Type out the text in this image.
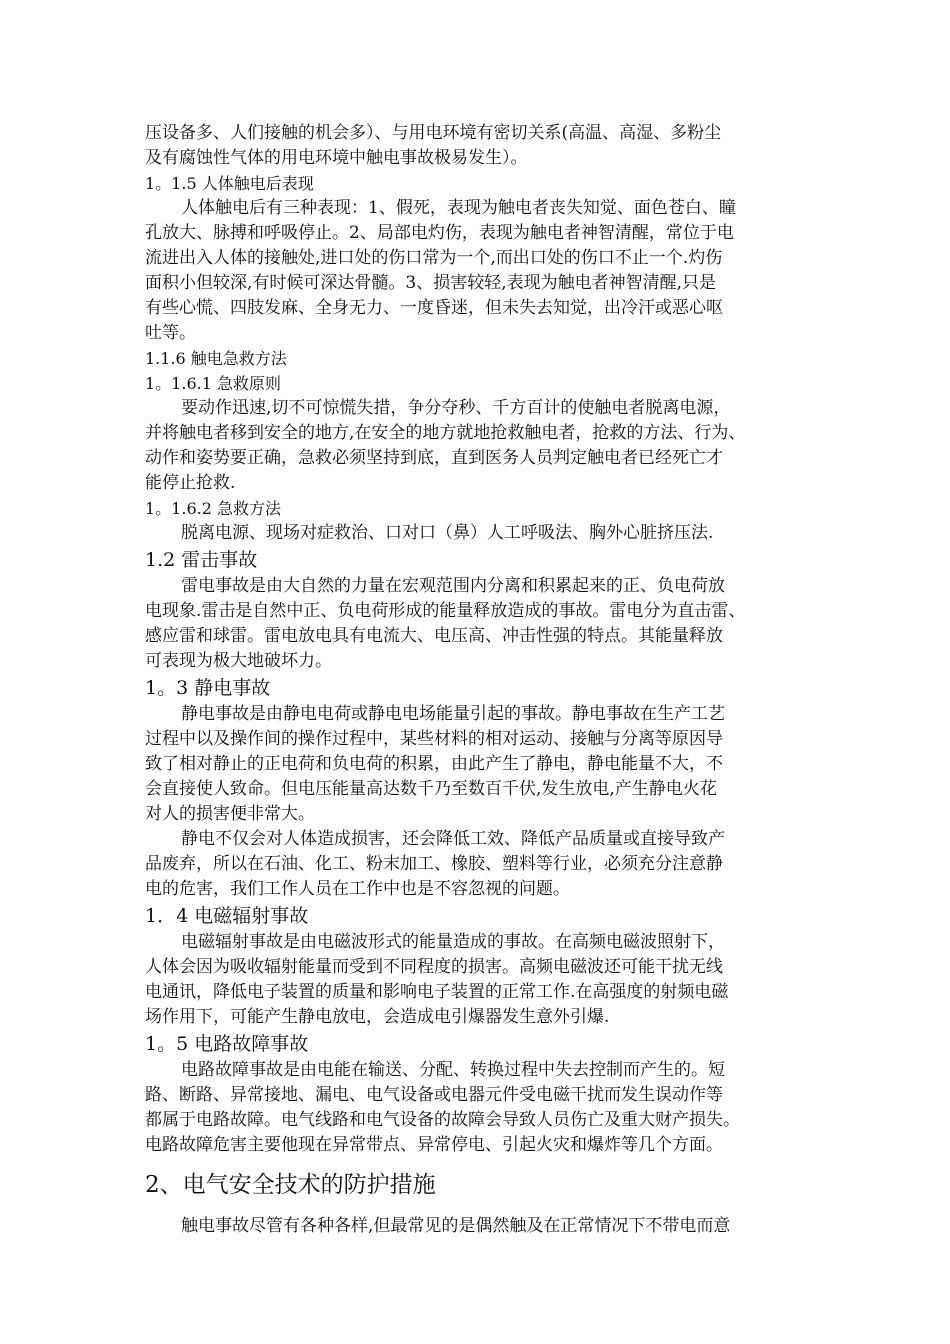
压设备多、人们接触的机会多）、与用电环境有密切关系(高温、高湿、多粉尘
及有腐蚀性气体的用电环境中触电事故极易发生）。
1。1.5 人体触电后表现
人体触电后有三种表现：1、假死，表现为触电者丧失知觉、面色苍白、瞳
孔放大、脉搏和呼吸停止。2、局部电灼伤，表现为触电者神智清醒，常位于电
流进出入人体的接触处,进口处的伤口常为一个,而出口处的伤口不止一个.灼伤
面积小但较深,有时候可深达骨髓。3、损害较轻,表现为触电者神智清醒,只是
有些心慌、四肢发麻、全身无力、一度昏迷，但未失去知觉，出冷汗或恶心呕
吐等。
1.1.6 触电急救方法
1。1.6.1 急救原则
要动作迅速,切不可惊慌失措，争分夺秒、千方百计的使触电者脱离电源，
并将触电者移到安全的地方,在安全的地方就地抢救触电者，抢救的方法、行为、
动作和姿势要正确，急救必须坚持到底，直到医务人员判定触电者已经死亡才
能停止抢救.
1。1.6.2 急救方法
脱离电源、现场对症救治、口对口（鼻）人工呼吸法、胸外心脏挤压法.
1.2 雷击事故
雷电事故是由大自然的力量在宏观范围内分离和积累起来的正、负电荷放
电现象.雷击是自然中正、负电荷形成的能量释放造成的事故。雷电分为直击雷、
感应雷和球雷。雷电放电具有电流大、电压高、冲击性强的特点。其能量释放
可表现为极大地破坏力。
1。3 静电事故
静电事故是由静电电荷或静电电场能量引起的事故。静电事故在生产工艺
过程中以及操作间的操作过程中，某些材料的相对运动、接触与分离等原因导
致了相对静止的正电荷和负电荷的积累，由此产生了静电，静电能量不大，不
会直接使人致命。但电压能量高达数千乃至数百千伏,发生放电,产生静电火花
对人的损害便非常大。
静电不仅会对人体造成损害，还会降低工效、降低产品质量或直接导致产
品废弃，所以在石油、化工、粉末加工、橡胶、塑料等行业，必须充分注意静
电的危害，我们工作人员在工作中也是不容忽视的问题。
1．4 电磁辐射事故
电磁辐射事故是由电磁波形式的能量造成的事故。在高频电磁波照射下，
人体会因为吸收辐射能量而受到不同程度的损害。高频电磁波还可能干扰无线
电通讯，降低电子装置的质量和影响电子装置的正常工作.在高强度的射频电磁
场作用下，可能产生静电放电，会造成电引爆器发生意外引爆.
1。5 电路故障事故
电路故障事故是由电能在输送、分配、转换过程中失去控制而产生的。短
路、断路、异常接地、漏电、电气设备或电器元件受电磁干扰而发生误动作等
都属于电路故障。电气线路和电气设备的故障会导致人员伤亡及重大财产损失。
电路故障危害主要他现在异常带点、异常停电、引起火灾和爆炸等几个方面。
2、电气安全技术的防护措施
触电事故尽管有各种各样,但最常见的是偶然触及在正常情况下不带电而意
